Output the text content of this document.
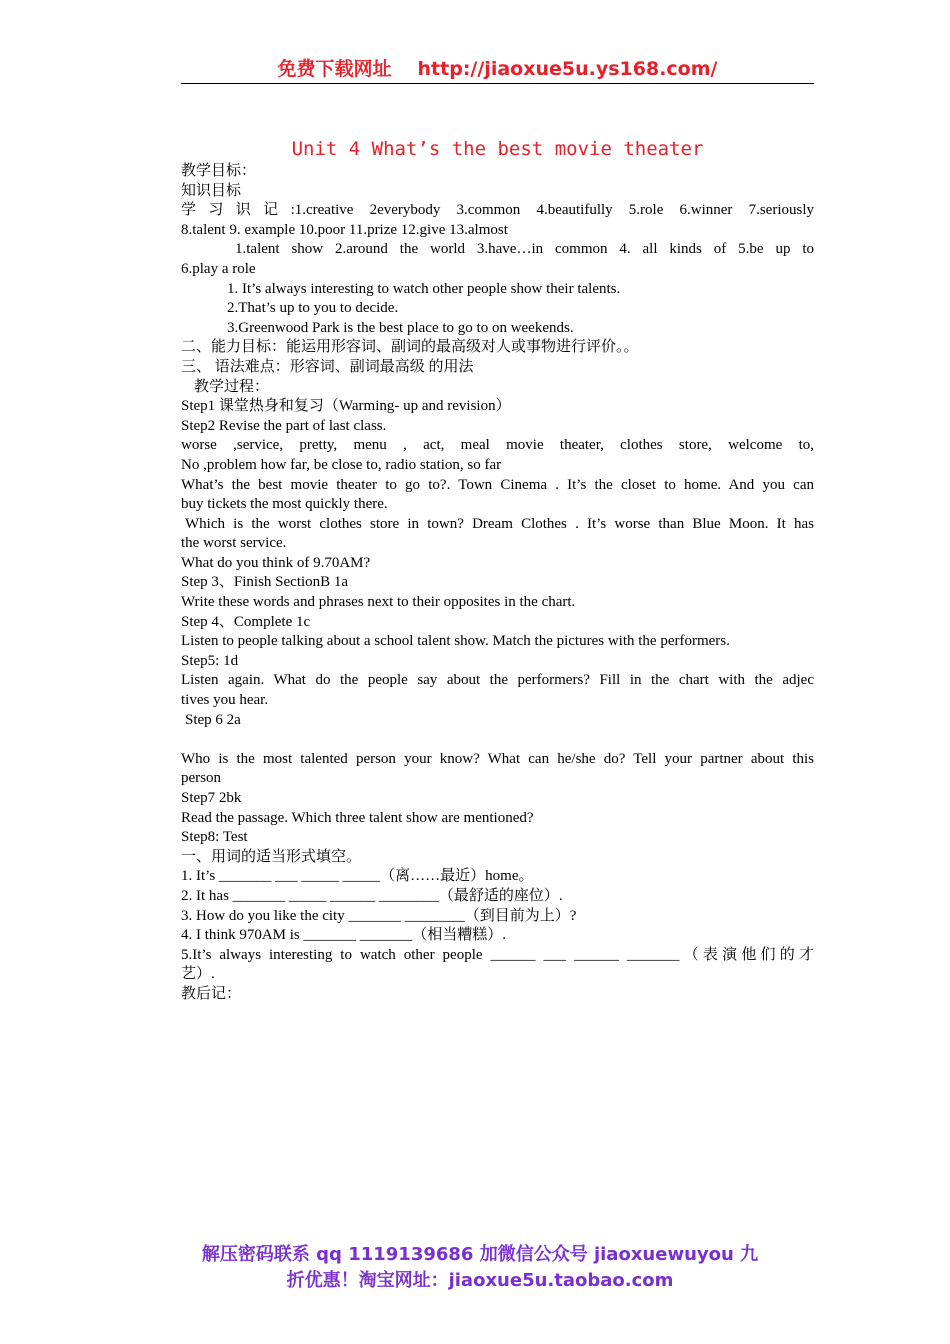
免费下载网址 http://jiaoxue5u.ys168.com/
Unit 4 What’s the best movie theater

教学目标：

知识目标

学习识记:1.creative 2everybody 3.common 4.beautifully 5.role 6.winner 7.seriously

8.talent 9. example 10.poor 11.prize 12.give 13.almost

1.talent show 2.around the world 3.have…in common 4. all kinds of 5.be up to

6.play a role

1. It’s always interesting to watch other people show their talents.

2.That’s up to you to decide.

3.Greenwood Park is the best place to go to on weekends.

二、能力目标：能运用形容词、副词的最高级对人或事物进行评价。。

三、 语法难点：形容词、副词最高级 的用法

教学过程：

Step1 课堂热身和复习（Warming- up and revision）

Step2 Revise the part of last class.

worse ,service, pretty, menu , act, meal movie theater, clothes store, welcome to,

No ,problem how far, be close to, radio station, so far

What’s the best movie theater to go to?. Town Cinema . It’s the closet to home. And you can

buy tickets the most quickly there.

Which is the worst clothes store in town? Dream Clothes . It’s worse than Blue Moon. It has

the worst service.

What do you think of 9.70AM?

Step 3、Finish SectionB 1a

Write these words and phrases next to their opposites in the chart.

Step 4、Complete 1c

Listen to people talking about a school talent show. Match the pictures with the performers.

Step5: 1d

Listen again. What do the people say about the performers? Fill in the chart with the adjec

tives you hear.

Step 6 2a

Who is the most talented person your know? What can he/she do? Tell your partner about this

person

Step7 2bk

Read the passage. Which three talent show are mentioned?

Step8: Test

一、用词的适当形式填空。

1. It’s _______ ___ _____ _____（离……最近）home。

2. It has _______ _____ ______ ________（最舒适的座位）.

3. How do you like the city _______ ________（到目前为上）?

4. I think 970AM is _______ _______（相当糟糕）.

5.It’s always interesting to watch other people ______ ___ ______ _______（表演他们的才

艺）.

教后记：

解压密码联系 qq 1119139686 加微信公众号 jiaoxuewuyou 九
折优惠！淘宝网址：jiaoxue5u.taobao.com
